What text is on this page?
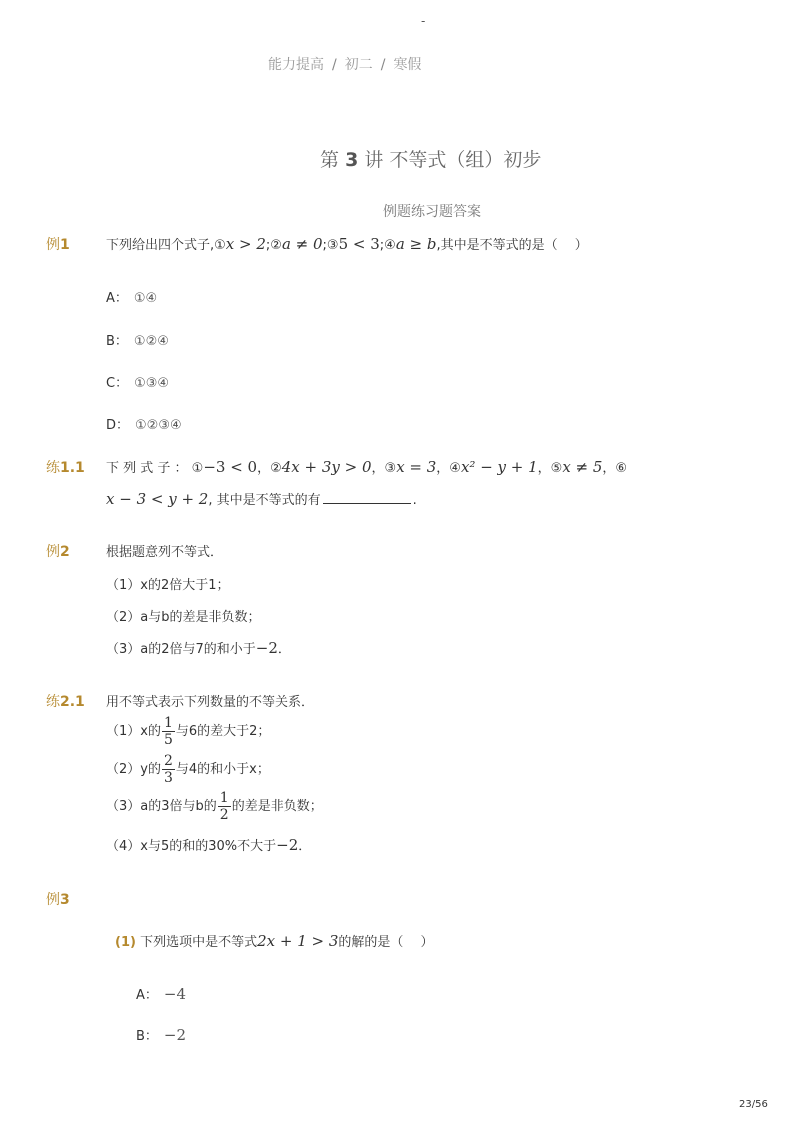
-
能力提高 / 初二 / 寒假
第 3 讲 不等式（组）初步
例题练习题答案
例1	下列给出四个式子,①x > 2;②a ≠ 0;③5 < 3;④a ≥ b,其中是不等式的是（　 ）
A： ①④
B： ①②④
C： ①③④
D： ①②③④
练1.1 下 列 式 子 ： ①−3 < 0，②4x + 3y > 0，③x = 3，④x² − y + 1，⑤x ≠ 5，⑥
x − 3 < y + 2, 其中是不等式的有	.
例2	根据题意列不等式．
（1）x的2倍大于1；
（2）a与b的差是非负数；
（3）a的2倍与7的和小于−2．
练2.1 用不等式表示下列数量的不等关系．
（1）x的 $\frac{1}{5}$ 与6的差大于2；
（2）y的 $\frac{2}{3}$ 与4的和小于x；
（3）a的3倍与b的 $\frac{1}{2}$ 的差是非负数；
（4）x与5的和的30%不大于−2．
例3
(1) 下列选项中是不等式2x + 1 > 3的解的是（　 ）
A： −4
B： −2
23/56
